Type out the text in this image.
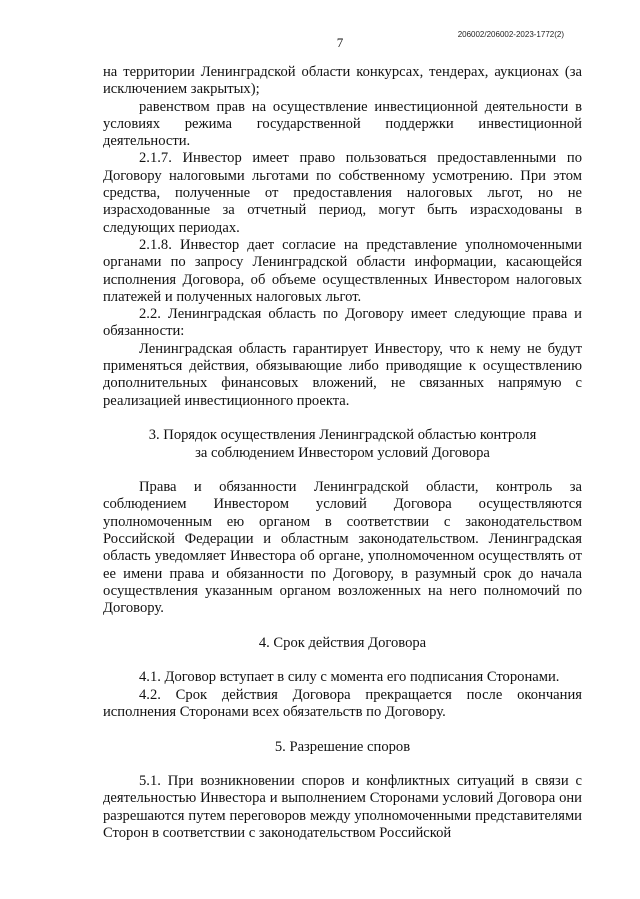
206002/206002-2023-1772(2)
7

на территории Ленинградской области конкурсах, тендерах, аукционах (за исключением закрытых);

равенством прав на осуществление инвестиционной деятельности в условиях режима государственной поддержки инвестиционной деятельности.

2.1.7. Инвестор имеет право пользоваться предоставленными по Договору налоговыми льготами по собственному усмотрению. При этом средства, полученные от предоставления налоговых льгот, но не израсходованные за отчетный период, могут быть израсходованы в следующих периодах.

2.1.8. Инвестор дает согласие на представление уполномоченными органами по запросу Ленинградской области информации, касающейся исполнения Договора, об объеме осуществленных Инвестором налоговых платежей и полученных налоговых льгот.

2.2. Ленинградская область по Договору имеет следующие права и обязанности:

Ленинградская область гарантирует Инвестору, что к нему не будут применяться действия, обязывающие либо приводящие к осуществлению дополнительных финансовых вложений, не связанных напрямую с реализацией инвестиционного проекта.

3. Порядок осуществления Ленинградской областью контроля

за соблюдением Инвестором условий Договора

Права и обязанности Ленинградской области, контроль за соблюдением Инвестором условий Договора осуществляются уполномоченным ею органом в соответствии с законодательством Российской Федерации и областным законодательством. Ленинградская область уведомляет Инвестора об органе, уполномоченном осуществлять от ее имени права и обязанности по Договору, в разумный срок до начала осуществления указанным органом возложенных на него полномочий по Договору.

4. Срок действия Договора

4.1. Договор вступает в силу с момента его подписания Сторонами.

4.2. Срок действия Договора прекращается после окончания исполнения Сторонами всех обязательств по Договору.

5. Разрешение споров

5.1. При возникновении споров и конфликтных ситуаций в связи с деятельностью Инвестора и выполнением Сторонами условий Договора они разрешаются путем переговоров между уполномоченными представителями Сторон в соответствии с законодательством Российской
